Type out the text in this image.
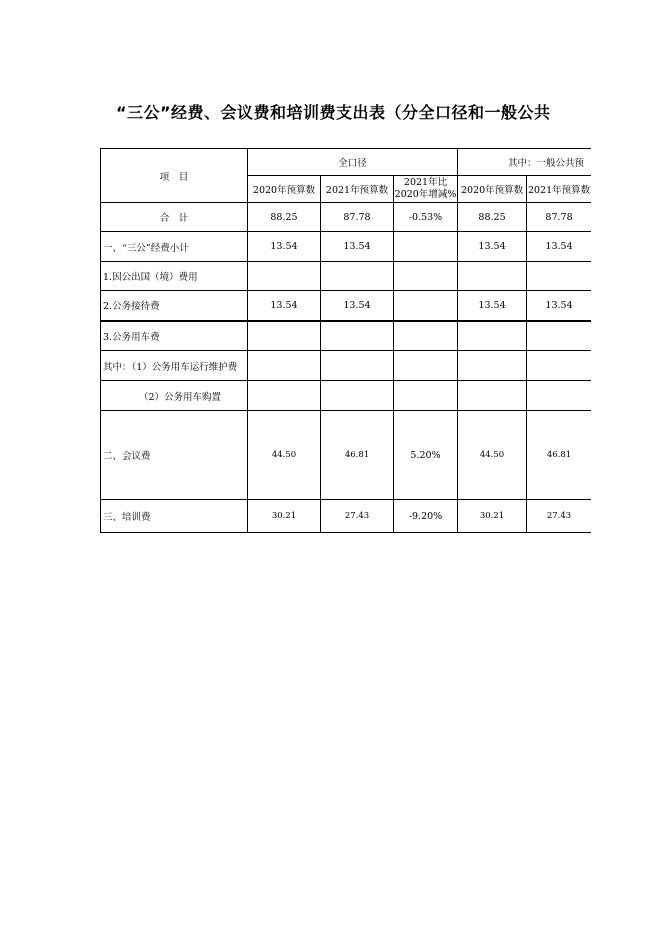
“三公”经费、会议费和培训费支出表（分全口径和一般公共
项　目	全口径			其中：一般公共预		
	2020年预算数	2021年预算数	2021年比2020年增减%	2020年预算数	2021年预算数	
合　计	88.25	87.78	-0.53%	88.25	87.78	
一、“三公”经费小计	13.54	13.54		13.54	13.54	
1.因公出国（境）费用						
2.公务接待费	13.54	13.54		13.54	13.54	
3.公务用车费						
其中：（1）公务用车运行维护费						
（2）公务用车购置						
二、会议费	44.50	46.81	5.20%	44.50	46.81	
三、培训费	30.21	27.43	-9.20%	30.21	27.43	
